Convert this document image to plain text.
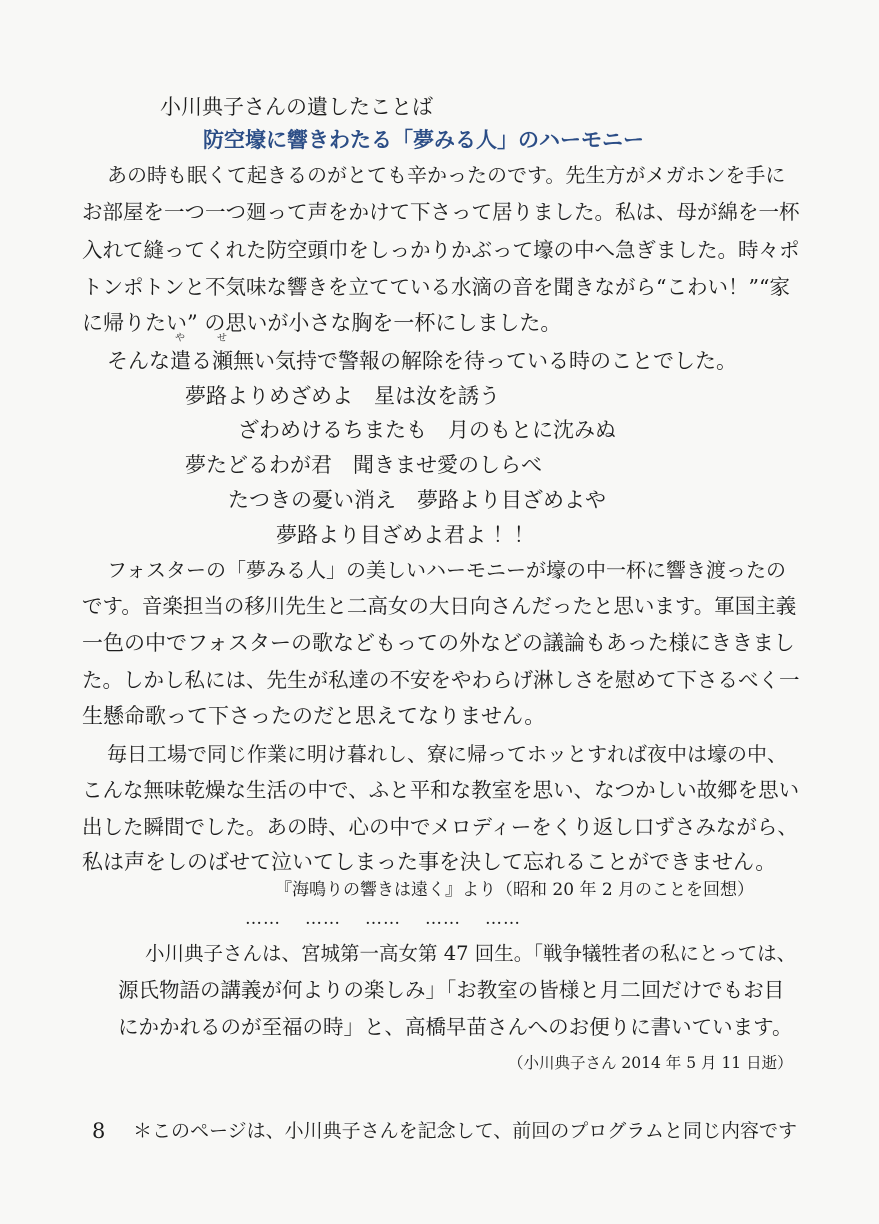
小川典子さんの遺したことば
防空壕に響きわたる「夢みる人」のハーモニー
あの時も眠くて起きるのがとても辛かったのです。先生方がメガホンを手に
お部屋を一つ一つ廻って声をかけて下さって居りました。私は、母が綿を一杯
入れて縫ってくれた防空頭巾をしっかりかぶって壕の中へ急ぎました。時々ポ
トンポトンと不気味な響きを立てている水滴の音を聞きながら“こわい！”“家
に帰りたい” の思いが小さな胸を一杯にしました。
そんな
や
遣る
せ
瀬無い気持で警報の解除を待っている時のことでした。
夢路よりめざめよ　星は汝を誘う
ざわめけるちまたも　月のもとに沈みぬ
夢たどるわが君　聞きませ愛のしらべ
たつきの憂い消え　夢路より目ざめよや
夢路より目ざめよ君よ ！！
フォスターの「夢みる人」の美しいハーモニーが壕の中一杯に響き渡ったの
です。音楽担当の移川先生と二高女の大日向さんだったと思います。軍国主義
一色の中でフォスターの歌などもっての外などの議論もあった様にききまし
た。しかし私には、先生が私達の不安をやわらげ淋しさを慰めて下さるべく一
生懸命歌って下さったのだと思えてなりません。
毎日工場で同じ作業に明け暮れし、寮に帰ってホッとすれば夜中は壕の中、
こんな無味乾燥な生活の中で、ふと平和な教室を思い、なつかしい故郷を思い
出した瞬間でした。あの時、心の中でメロディーをくり返し口ずさみながら、
私は声をしのばせて泣いてしまった事を決して忘れることができません。
『海鳴りの響きは遠く』より（昭和 20 年 2 月のことを回想）
…… …… …… …… ……
小川典子さんは、宮城第一高女第 47 回生。「戦争犠牲者の私にとっては、
源氏物語の講義が何よりの楽しみ」「お教室の皆様と月二回だけでもお目
にかかれるのが至福の時」と、高橋早苗さんへのお便りに書いています。
（小川典子さん 2014 年 5 月 11 日逝）
8 ＊このページは、小川典子さんを記念して、前回のプログラムと同じ内容です
